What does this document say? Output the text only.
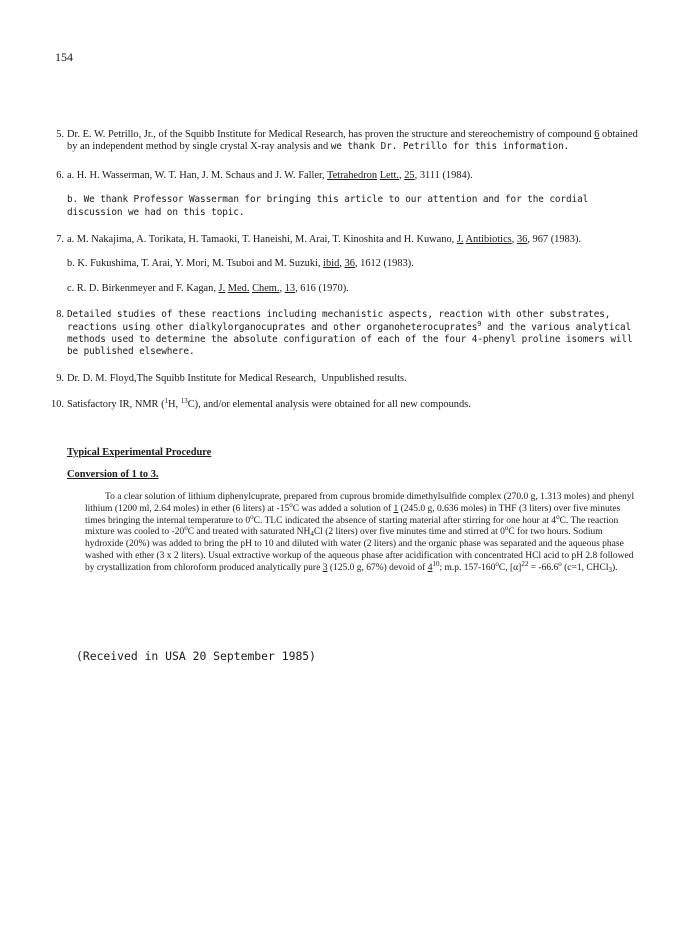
154
5. Dr. E. W. Petrillo, Jr., of the Squibb Institute for Medical Research, has proven the structure and stereochemistry of compound 6 obtained by an independent method by single crystal X-ray analysis and we thank Dr. Petrillo for this information.

6. a. H. H. Wasserman, W. T. Han, J. M. Schaus and J. W. Faller, Tetrahedron Lett., 25, 3111 (1984).

b. We thank Professor Wasserman for bringing this article to our attention and for the cordial discussion we had on this topic.

7. a. M. Nakajima, A. Torikata, H. Tamaoki, T. Haneishi, M. Arai, T. Kinoshita and H. Kuwano, J. Antibiotics, 36, 967 (1983).

b. K. Fukushima, T. Arai, Y. Mori, M. Tsuboi and M. Suzuki, ibid, 36, 1612 (1983).

c. R. D. Birkenmeyer and F. Kagan, J. Med. Chem., 13, 616 (1970).

8. Detailed studies of these reactions including mechanistic aspects, reaction with other substrates, reactions using other dialkylorganocuprates and other organoheterocuprates$^9$ and the various analytical methods used to determine the absolute configuration of each of the four 4-phenyl proline isomers will be published elsewhere.

9. Dr. D. M. Floyd,The Squibb Institute for Medical Research,  Unpublished results.

10. Satisfactory IR, NMR ($^1$H, $^{13}$C), and/or elemental analysis were obtained for all new compounds.

Typical Experimental Procedure
Conversion of 1 to 3.

To a clear solution of lithium diphenylcuprate, prepared from cuprous bromide dimethylsulfide complex (270.0 g, 1.313 moles) and phenyl lithium (1200 ml, 2.64 moles) in ether (6 liters) at -15$^o$C was added a solution of 1 (245.0 g, 0.636 moles) in THF (3 liters) over five minutes times bringing the internal temperature to 0$^o$C. TLC indicated the absence of starting material after stirring for one hour at 4$^o$C. The reaction mixture was cooled to -20$^o$C and treated with saturated $NH_4Cl$ (2 liters) over five minutes time and stirred at 0$^o$C for two hours. Sodium hydroxide (20%) was added to bring the pH to 10 and diluted with water (2 liters) and the organic phase was separated and the aqueous phase washed with ether (3 x 2 liters). Usual extractive workup of the aqueous phase after acidification with concentrated HCl acid to pH 2.8 followed by crystallization from chloroform produced analytically pure 3 (125.0 g, 67%) devoid of $4^{10}$; m.p. 157-160$^o$C, $[\alpha]^{22} = -66.6^o$ (c=1, CHCl$_3$).

(Received in USA 20 September 1985)
